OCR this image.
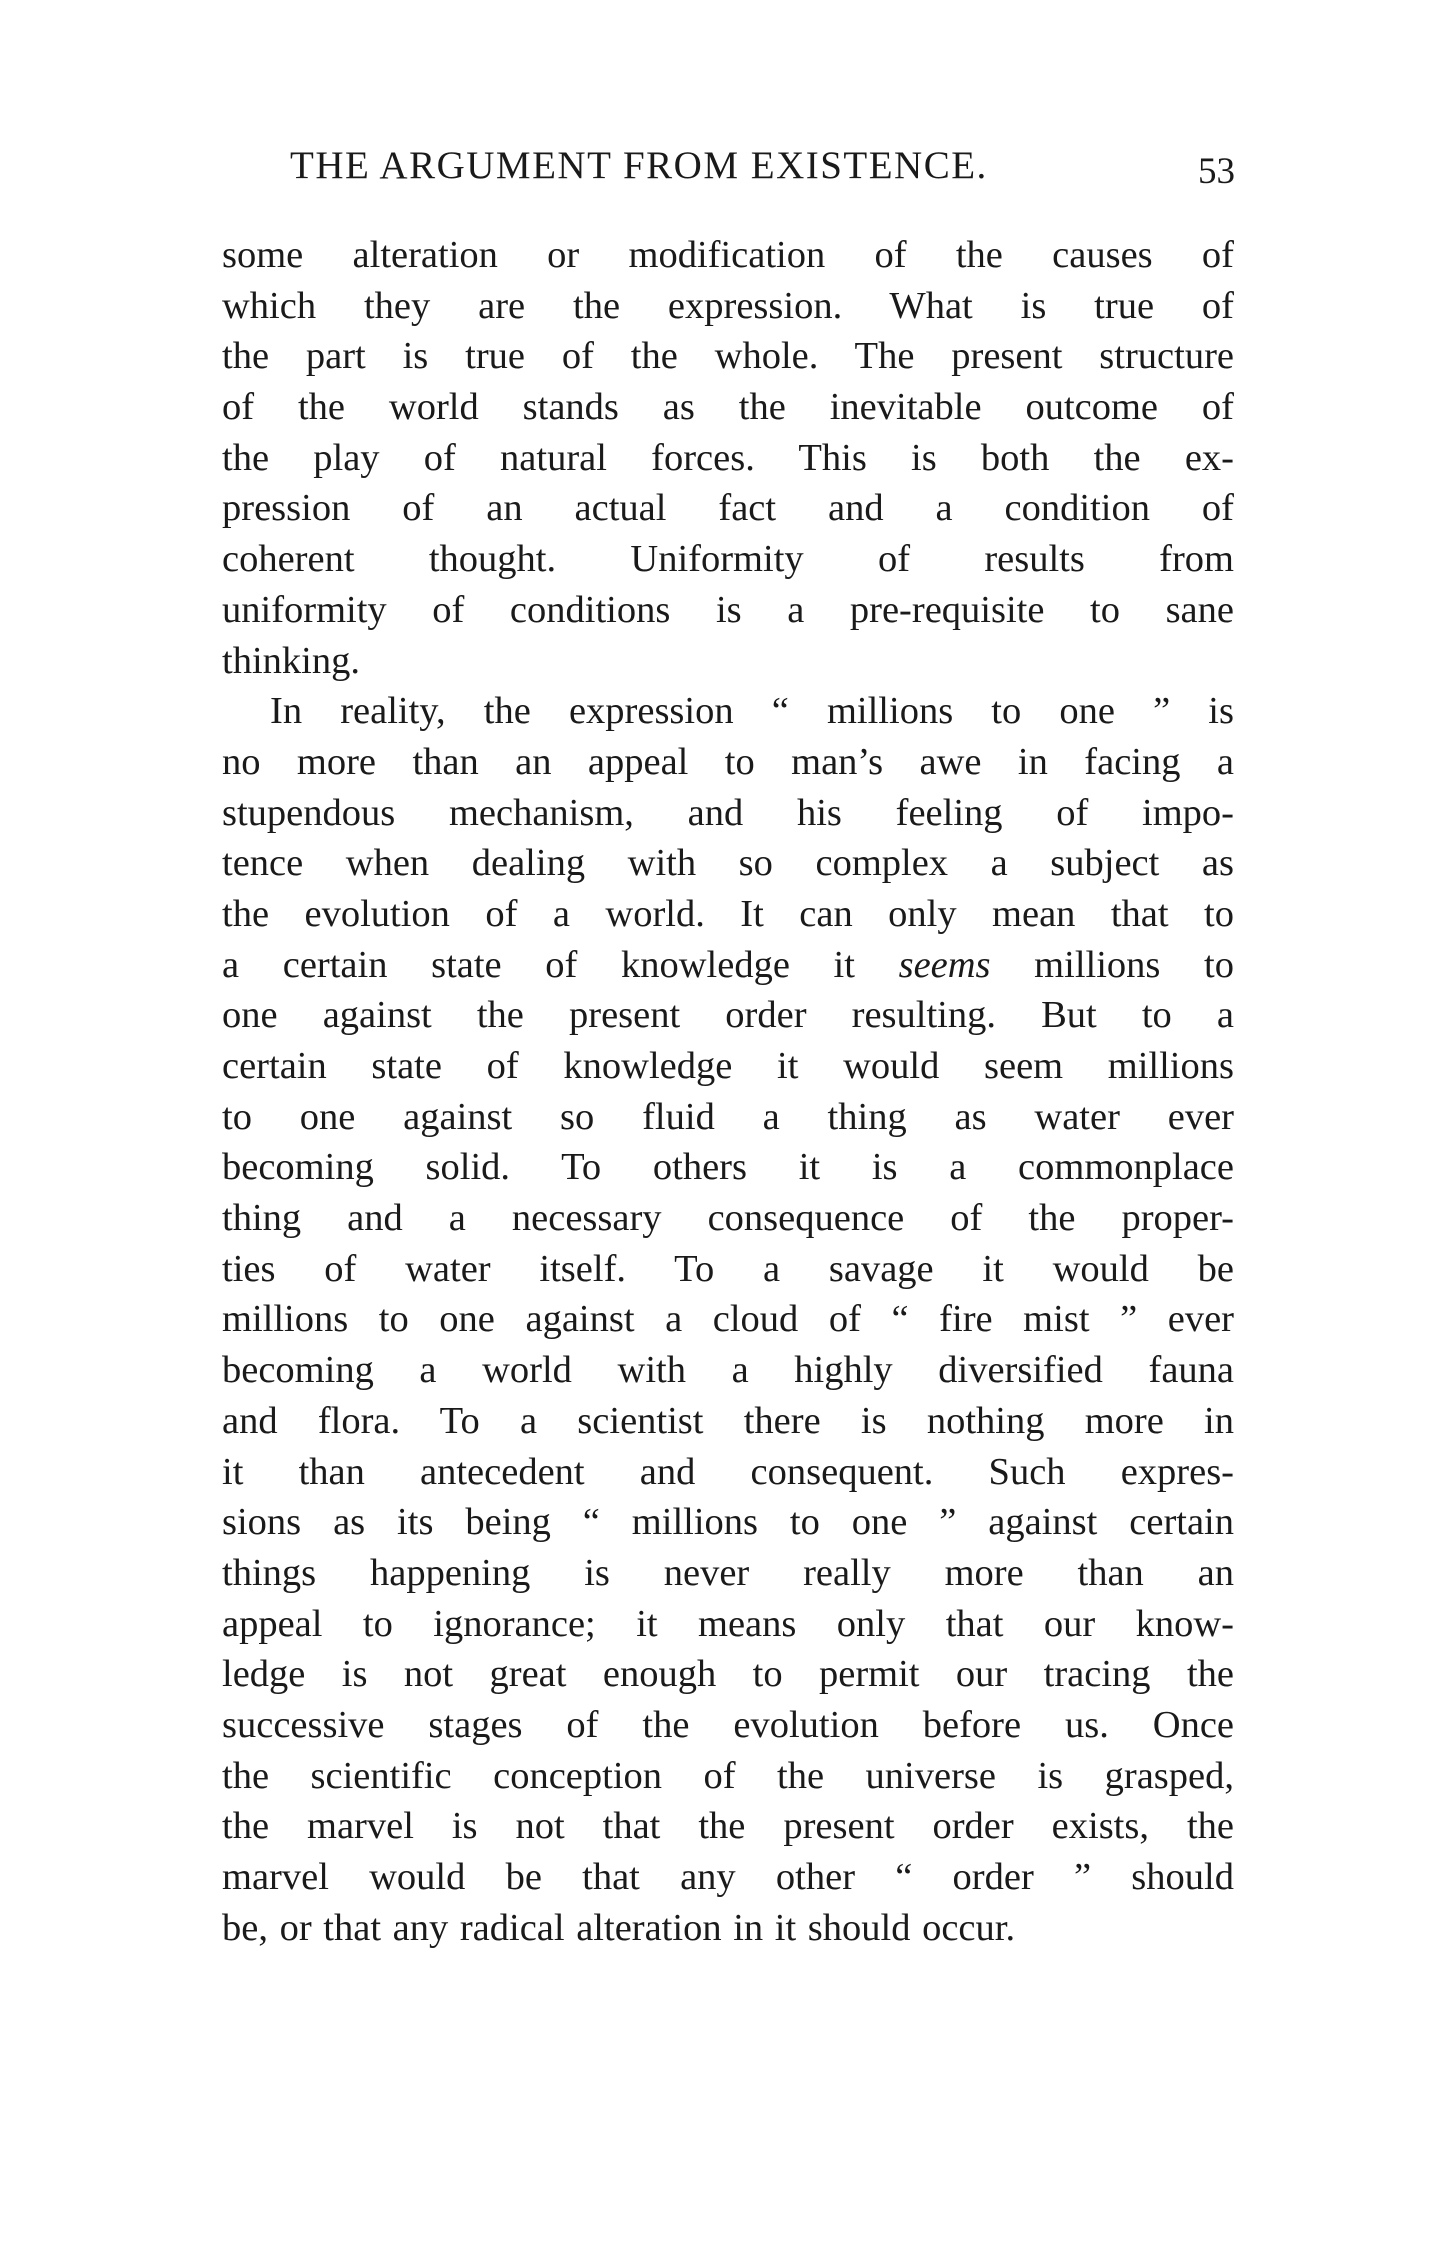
THE ARGUMENT FROM EXISTENCE.	53
some alteration or modification of the causes of
which they are the expression. What is true of
the part is true of the whole. The present structure
of the world stands as the inevitable outcome of
the play of natural forces. This is both the ex-
pression of an actual fact and a condition of
coherent thought. Uniformity of results from
uniformity of conditions is a pre-requisite to sane
thinking.
In reality, the expression “ millions to one ” is
no more than an appeal to man’s awe in facing a
stupendous mechanism, and his feeling of impo-
tence when dealing with so complex a subject as
the evolution of a world. It can only mean that to
a certain state of knowledge it seems millions to
one against the present order resulting. But to a
certain state of knowledge it would seem millions
to one against so fluid a thing as water ever
becoming solid. To others it is a commonplace
thing and a necessary consequence of the proper-
ties of water itself. To a savage it would be
millions to one against a cloud of “ fire mist ” ever
becoming a world with a highly diversified fauna
and flora. To a scientist there is nothing more in
it than antecedent and consequent. Such expres-
sions as its being “ millions to one ” against certain
things happening is never really more than an
appeal to ignorance; it means only that our know-
ledge is not great enough to permit our tracing the
successive stages of the evolution before us. Once
the scientific conception of the universe is grasped,
the marvel is not that the present order exists, the
marvel would be that any other “ order ” should
be, or that any radical alteration in it should occur.
